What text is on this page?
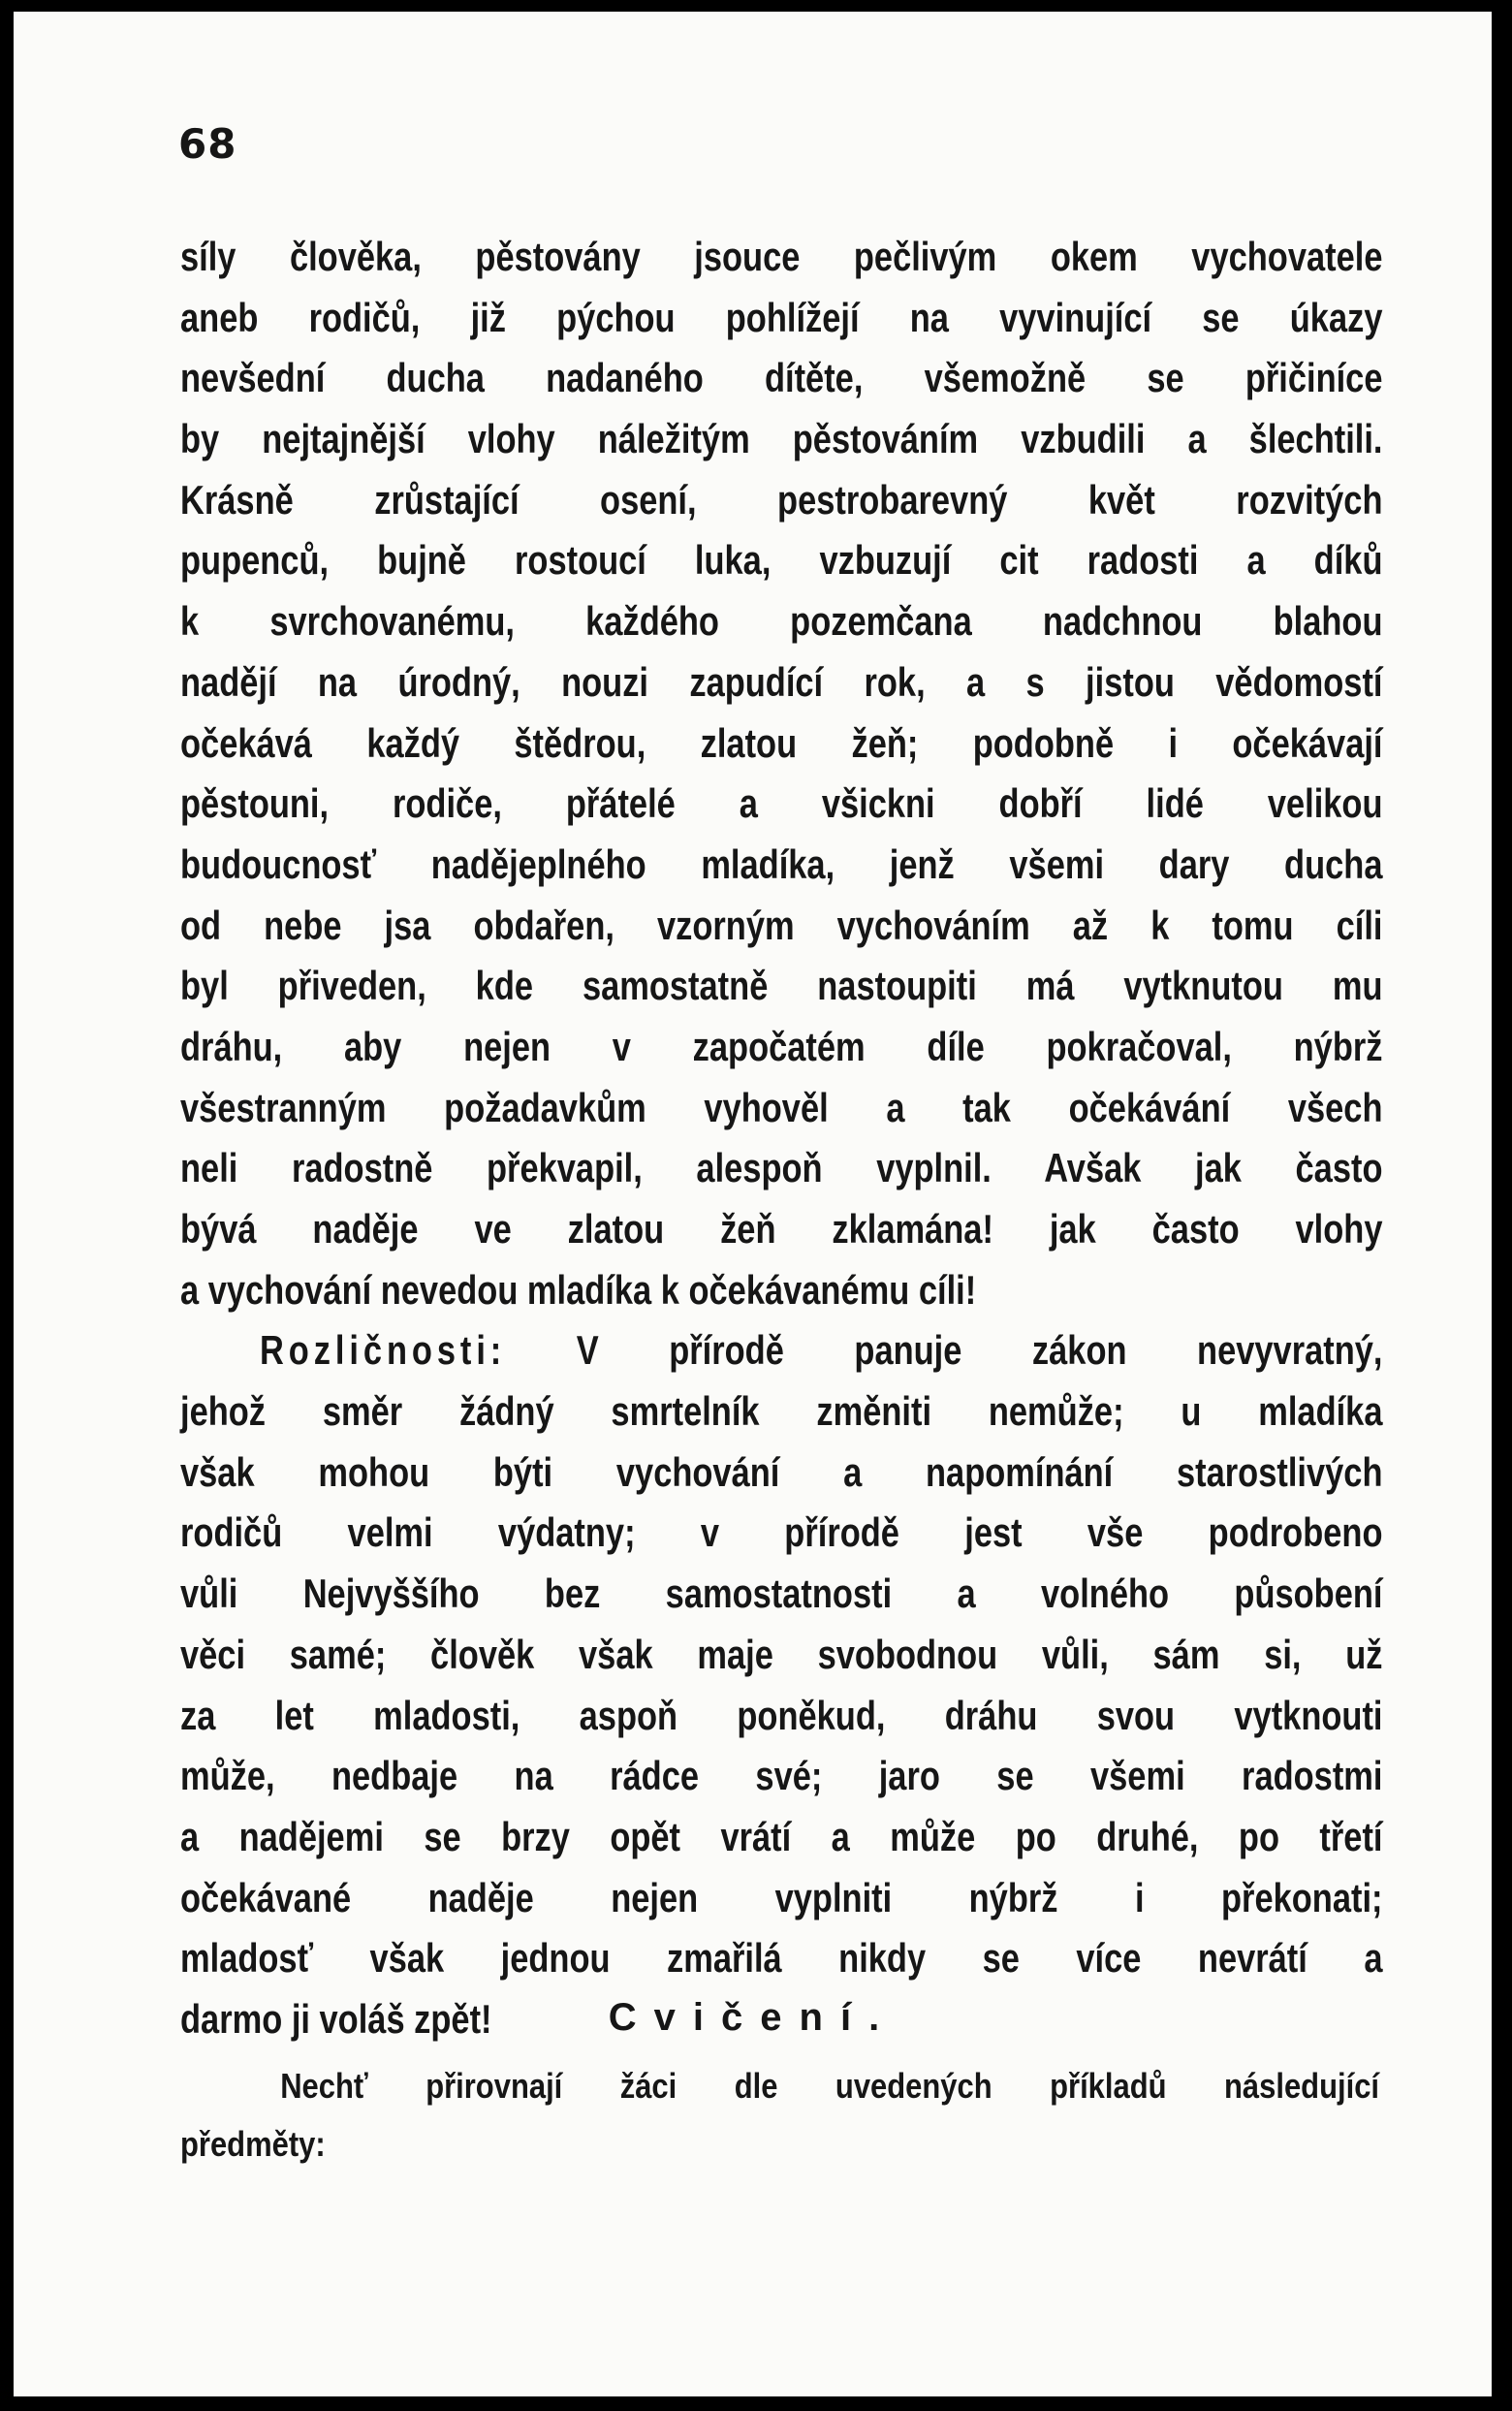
68
síly člověka, pěstovány jsouce pečlivým okem vychovatele
aneb rodičů, již pýchou pohlížejí na vyvinující se úkazy
nevšední ducha nadaného dítěte, všemožně se přičiníce
by nejtajnější vlohy náležitým pěstováním vzbudili a šlechtili.
Krásně zrůstající osení, pestrobarevný květ rozvitých
pupenců, bujně rostoucí luka, vzbuzují cit radosti a díků
k svrchovanému, každého pozemčana nadchnou blahou
nadějí na úrodný, nouzi zapudící rok, a s jistou vědomostí
očekává každý štědrou, zlatou žeň; podobně i očekávají
pěstouni, rodiče, přátelé a všickni dobří lidé velikou
budoucnosť nadějeplného mladíka, jenž všemi dary ducha
od nebe jsa obdařen, vzorným vychováním až k tomu cíli
byl přiveden, kde samostatně nastoupiti má vytknutou mu
dráhu, aby nejen v započatém díle pokračoval, nýbrž
všestranným požadavkům vyhověl a tak očekávání všech
neli radostně překvapil, alespoň vyplnil. Avšak jak často
bývá naděje ve zlatou žeň zklamána! jak často vlohy
a vychování nevedou mladíka k očekávanému cíli!
Rozličnosti: V přírodě panuje zákon nevyvratný,
jehož směr žádný smrtelník změniti nemůže; u mladíka
však mohou býti vychování a napomínání starostlivých
rodičů velmi výdatny; v přírodě jest vše podrobeno
vůli Nejvyššího bez samostatnosti a volného působení
věci samé; člověk však maje svobodnou vůli, sám si, už
za let mladosti, aspoň poněkud, dráhu svou vytknouti
může, nedbaje na rádce své; jaro se všemi radostmi
a nadějemi se brzy opět vrátí a může po druhé, po třetí
očekávané naděje nejen vyplniti nýbrž i překonati;
mladosť však jednou zmařilá nikdy se více nevrátí a
darmo ji voláš zpět!	Cvičení.
Nechť přirovnají žáci dle uvedených příkladů následující
předměty:
